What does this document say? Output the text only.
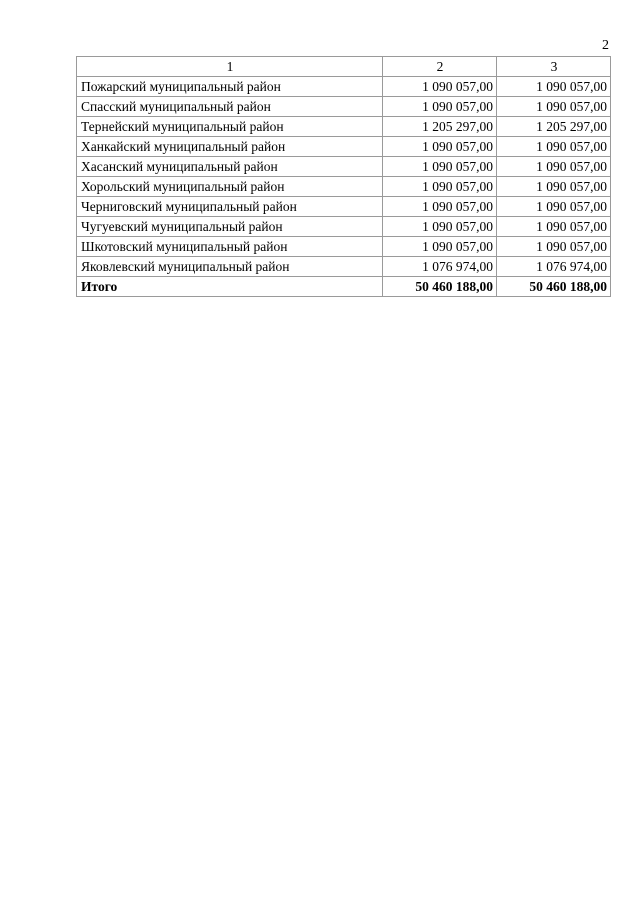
2
1	2	3
Пожарский муниципальный район	1 090 057,00	1 090 057,00
Спасский муниципальный район	1 090 057,00	1 090 057,00
Тернейский муниципальный район	1 205 297,00	1 205 297,00
Ханкайский муниципальный район	1 090 057,00	1 090 057,00
Хасанский муниципальный район	1 090 057,00	1 090 057,00
Хорольский муниципальный район	1 090 057,00	1 090 057,00
Черниговский муниципальный район	1 090 057,00	1 090 057,00
Чугуевский муниципальный район	1 090 057,00	1 090 057,00
Шкотовский муниципальный район	1 090 057,00	1 090 057,00
Яковлевский муниципальный район	1 076 974,00	1 076 974,00
Итого	50 460 188,00	50 460 188,00
